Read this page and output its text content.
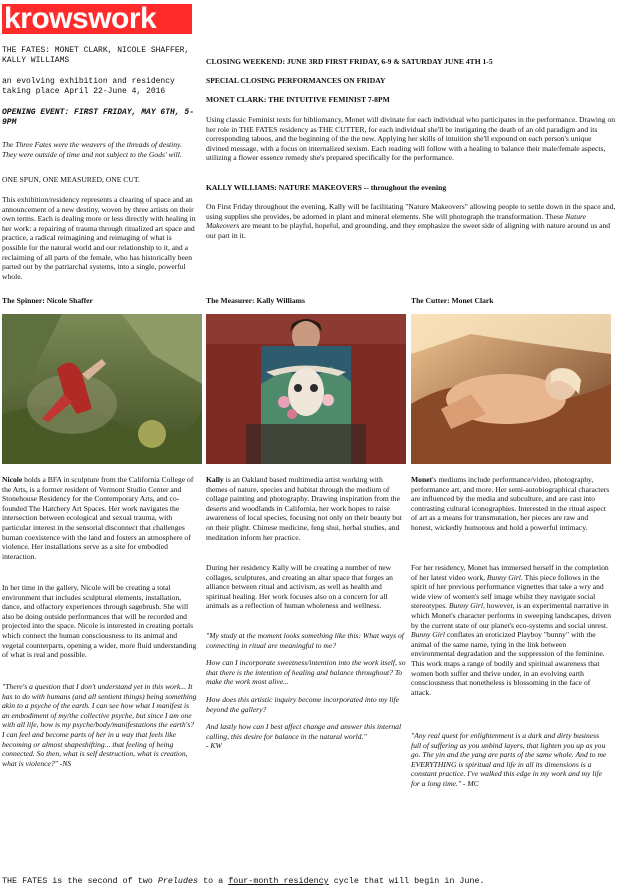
krowswork
THE FATES: MONET CLARK, NICOLE SHAFFER, KALLY WILLIAMS
an evolving exhibition and residency taking place April 22-June 4, 2016
OPENING EVENT: FIRST FRIDAY, MAY 6TH, 5-9PM
The Three Fates were the weavers of the threads of destiny. They were outside of time and not subject to the Gods' will.
ONE SPUN, ONE MEASURED, ONE CUT.
This exhibition/residency represents a clearing of space and an announcement of a new destiny, woven by three artists on their own terms. Each is dealing more or less directly with healing in her work: a repairing of trauma through ritualized art space and practice, a radical reimagining and reimaging of what is possible for the natural world and our relationship to it, and a reclaiming of all parts of the female, who has historically been parted out by the patriarchal systems, into a single, powerful whole.
CLOSING WEEKEND: JUNE 3RD FIRST FRIDAY, 6-9 & SATURDAY JUNE 4TH 1-5
SPECIAL CLOSING PERFORMANCES ON FRIDAY
MONET CLARK: THE INTUITIVE FEMINIST 7-8PM
Using classic Feminist texts for bibliomancy, Monet will divinate for each individual who participates in the performance. Drawing on her role in THE FATES residency as THE CUTTER, for each individual she'll be instigating the death of an old paradigm and its corresponding taboos, and the beginning of the the new. Applying her skills of intuition she'll expound on each person's unique divined message, with a focus on internalized sexism. Each reading will follow with a healing to balance their male/female aspects, utilizing a flower essence remedy she's prepared specifically for the performance.
KALLY WILLIAMS: NATURE MAKEOVERS -- throughout the evening
On First Friday throughout the evening, Kally will be facilitating "Nature Makeovers" allowing people to settle down in the space and, using supplies she provides, be adorned in plant and mineral elements. She will photograph the transformation. These Nature Makeovers are meant to be playful, hopeful, and grounding, and they emphasize the sweet side of aligning with nature around us and our part in it.
The Spinner: Nicole Shaffer	The Measurer: Kally Williams	The Cutter: Monet Clark
Nicole holds a BFA in sculpture from the California College of the Arts, is a former resident of Vermont Studio Center and Stonehouse Residency for the Contemporary Arts, and co-founded The Hatchery Art Spaces. Her work navigates the intersection between ecological and sexual trauma, with particular interest in the sensorial disconnect that challenges human coexistence with the land and fosters an atmosphere of violence. Her installations serve as a site for embodied interaction.
In her time in the gallery, Nicole will be creating a total environment that includes sculptural elements, installation, dance, and olfactory experiences through sagebrush. She will also be doing outside performances that will be recorded and projected into the space. Nicole is interested in creating portals which connect the human consciousness to its animal and vegetal counterparts, opening a wider, more fluid understanding of what is real and possible.
"There's a question that I don't understand yet in this work... It has to do with humans (and all sentient things) being something akin to a psyche of the earth. I can see how what I manifest is an embodiment of my/the collective psyche, but since I am one with all life, how is my psyche/body/manifestations the earth's? I can feel and become parts of her in a way that feels like becoming or almost shapeshifting... that feeling of being connected. So then, what is self destruction, what is creation, what is violence?" -NS
Kally is an Oakland based multimedia artist working with themes of nature, species and habitat through the medium of collage painting and photography. Drawing inspiration from the deserts and woodlands in California, her work hopes to raise awareness of local species, focusing not only on their beauty but on their plight. Chinese medicine, feng shui, herbal studies, and meditation inform her practice.
During her residency Kally will be creating a number of new collages, sculptures, and creating an altar space that forges an alliance between ritual and activism, as well as health and spiritual healing. Her work focuses also on a concern for all animals as a reflection of human wholeness and wellness.

"My study at the moment looks something like this: What ways of connecting in ritual are meaningful to me?

How can I incorporate sweetness/intention into the work itself, so that there is the intention of healing and balance throughout? To make the work most alive...

How does this artistic inquiry become incorporated into my life beyond the gallery?

And lastly how can I best affect change and answer this internal calling, this desire for balance in the natural world."

- KW

Monet's mediums include performance/video, photography, performance art, and more. Her semi-autobiographical characters are influenced by the media and subculture, and are cast into contrasting cultural iconographies. Interested in the ritual aspect of art as a means for transmutation, her pieces are raw and honest, wickedly humorous and hold a powerful intimacy.
For her residency, Monet has immersed herself in the completion of her latest video work, Bunny Girl. This piece follows in the spirit of her previous performance vignettes that take a wry and wide view of women's self image whilst they navigate social stereotypes. Bunny Girl, however, is an experimental narrative in which Monet's character performs in sweeping landscapes, driven by the current state of our planet's eco-systems and social unrest. Bunny Girl conflates an eroticized Playboy "bunny" with the animal of the same name, tying in the link between environmental degradation and the suppression of the feminine. This work maps a range of bodily and spiritual awareness that women both suffer and thrive under, in an evolving earth consciousness that nonetheless is blossoming in the face of attack.
"Any real quest for enlightenment is a dark and dirty business full of suffering as you unbind layers, that lighten you up as you go. The yin and the yang are parts of the same whole. And to me EVERYTHING is spiritual and life in all its dimensions is a constant practice. I've walked this edge in my work and my life for a long time." - MC
THE FATES is the second of two Preludes to a four-month residency cycle that will begin in June.
